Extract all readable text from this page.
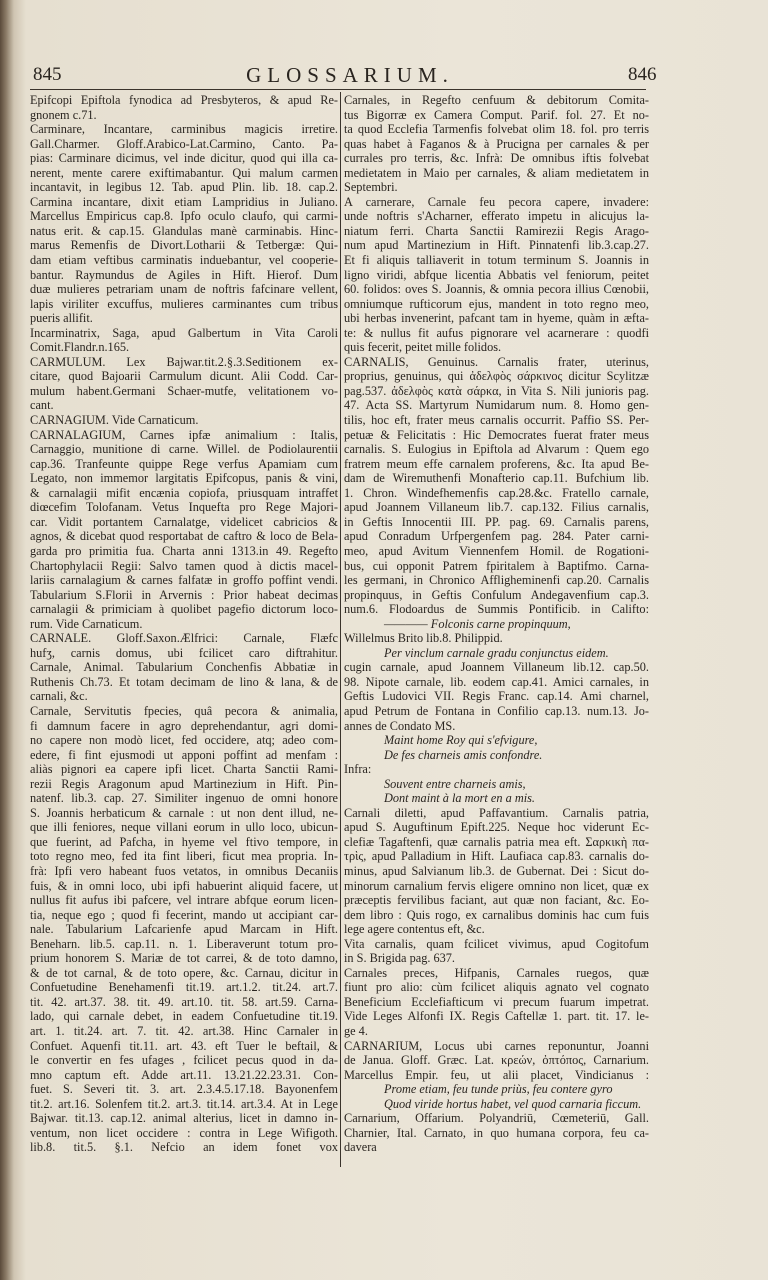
845	GLOSSARIUM.	846
Epifcopi Epiftola fynodica ad Presbyteros, & apud Re-
gnonem c.71.
Carminare, Incantare, carminibus magicis irretire.
Gall.Charmer. Gloff.Arabico-Lat.Carmino, Canto. Pa-
pias: Carminare dicimus, vel inde dicitur, quod qui illa ca-
nerent, mente carere exiftimabantur. Qui malum carmen
incantavit, in legibus 12. Tab. apud Plin. lib. 18. cap.2.
Carmina incantare, dixit etiam Lampridius in Juliano.
Marcellus Empiricus cap.8. Ipfo oculo claufo, qui carmi-
natus erit. & cap.15. Glandulas manè carminabis. Hinc-
marus Remenfis de Divort.Lotharii & Tetbergæ: Qui-
dam etiam veftibus carminatis induebantur, vel cooperie-
bantur. Raymundus de Agiles in Hift. Hierof. Dum
duæ mulieres petrariam unam de noftris fafcinare vellent,
lapis viriliter excuffus, mulieres carminantes cum tribus
pueris allifit.
Incarminatrix, Saga, apud Galbertum in Vita Caroli
Comit.Flandr.n.165.
CARMULUM. Lex Bajwar.tit.2.§.3.Seditionem ex-
citare, quod Bajoarii Carmulum dicunt. Alii Codd. Car-
mulum habent.Germani Schaer-mutfe, velitationem vo-
cant.
CARNAGIUM. Vide Carnaticum.
CARNALAGIUM, Carnes ipfæ animalium : Italis,
Carnaggio, munitione di carne. Willel. de Podiolaurentii
cap.36. Tranfeunte quippe Rege verfus Apamiam cum
Legato, non immemor largitatis Epifcopus, panis & vini,
& carnalagii mifit encænia copiofa, priusquam intraffet
diœcefim Tolofanam. Vetus Inquefta pro Rege Majori-
car. Vidit portantem Carnalatge, videlicet cabricios &
agnos, & dicebat quod resportabat de caftro & loco de Bela-
garda pro primitia fua. Charta anni 1313.in 49. Regefto
Chartophylacii Regii: Salvo tamen quod à dictis macel-
lariis carnalagium & carnes falfatæ in groffo poffint vendi.
Tabularium S.Florii in Arvernis : Prior habeat decimas
carnalagii & primiciam à quolibet pagefio dictorum loco-
rum. Vide Carnaticum.
CARNALE. Gloff.Saxon.Ælfrici: Carnale, Flæfc
hufʒ, carnis domus, ubi fcilicet caro diftrahitur.
Carnale, Animal. Tabularium Conchenfis Abbatiæ in
Ruthenis Ch.73. Et totam decimam de lino & lana, & de
carnali, &c.
Carnale, Servitutis fpecies, quâ pecora & animalia,
fi damnum facere in agro deprehendantur, agri domi-
no capere non modò licet, fed occidere, atq; adeo com-
edere, fi fint ejusmodi ut apponi poffint ad menfam :
aliàs pignori ea capere ipfi licet. Charta Sanctii Rami-
rezii Regis Aragonum apud Martinezium in Hift. Pin-
natenf. lib.3. cap. 27. Similiter ingenuo de omni honore
S. Joannis herbaticum & carnale : ut non dent illud, ne-
que illi feniores, neque villani eorum in ullo loco, ubicun-
que fuerint, ad Pafcha, in hyeme vel ftivo tempore, in
toto regno meo, fed ita fint liberi, ficut mea propria. In-
frà: Ipfi vero habeant fuos vetatos, in omnibus Decaniis
fuis, & in omni loco, ubi ipfi habuerint aliquid facere, ut
nullus fit aufus ibi pafcere, vel intrare abfque eorum licen-
tia, neque ego ; quod fi fecerint, mando ut accipiant car-
nale. Tabularium Lafcarienfe apud Marcam in Hift.
Beneharn. lib.5. cap.11. n. 1. Liberaverunt totum pro-
prium honorem S. Mariæ de tot carrei, & de toto damno,
& de tot carnal, & de toto opere, &c. Carnau, dicitur in
Confuetudine Benehamenfi tit.19. art.1.2. tit.24. art.7.
tit. 42. art.37. 38. tit. 49. art.10. tit. 58. art.59. Carna-
lado, qui carnale debet, in eadem Confuetudine tit.19.
art. 1. tit.24. art. 7. tit. 42. art.38. Hinc Carnaler in
Confuet. Aquenfi tit.11. art. 43. eft Tuer le beftail, &
le convertir en fes ufages , fcilicet pecus quod in da-
mno captum eft. Adde art.11. 13.21.22.23.31. Con-
fuet. S. Severi tit. 3. art. 2.3.4.5.17.18. Bayonenfem
tit.2. art.16. Solenfem tit.2. art.3. tit.14. art.3.4. At in Lege
Bajwar. tit.13. cap.12. animal alterius, licet in damno in-
ventum, non licet occidere : contra in Lege Wifigoth.
lib.8. tit.5. §.1. Nefcio an idem fonet vox
Carnales, in Regefto cenfuum & debitorum Comita-
tus Bigorræ ex Camera Comput. Parif. fol. 27. Et no-
ta quod Ecclefia Tarmenfis folvebat olim 18. fol. pro terris
quas habet à Faganos & à Prucigna per carnales & per
currales pro terris, &c. Infrà: De omnibus iftis folvebat
medietatem in Maio per carnales, & aliam medietatem in
Septembri.
A carnerare, Carnale feu pecora capere, invadere:
unde noftris s'Acharner, efferato impetu in alicujus la-
niatum ferri. Charta Sanctii Ramirezii Regis Arago-
num apud Martinezium in Hift. Pinnatenfi lib.3.cap.27.
Et fi aliquis talliaverit in totum terminum S. Joannis in
ligno viridi, abfque licentia Abbatis vel feniorum, peitet
60. folidos: oves S. Joannis, & omnia pecora illius Cœnobii,
omniumque rufticorum ejus, mandent in toto regno meo,
ubi herbas invenerint, pafcant tam in hyeme, quàm in æfta-
te: & nullus fit aufus pignorare vel acarnerare : quodfi
quis fecerit, peitet mille folidos.
CARNALIS, Genuinus. Carnalis frater, uterinus,
proprius, genuinus, qui ἀδελφὸς σάρκινος dicitur Scylitzæ
pag.537. ἀδελφὸς κατὰ σάρκα, in Vita S. Nili junioris pag.
47. Acta SS. Martyrum Numidarum num. 8. Homo gen-
tilis, hoc eft, frater meus carnalis occurrit. Paffio SS. Per-
petuæ & Felicitatis : Hic Democrates fuerat frater meus
carnalis. S. Eulogius in Epiftola ad Alvarum : Quem ego
fratrem meum effe carnalem proferens, &c. Ita apud Be-
dam de Wiremuthenfi Monafterio cap.11. Bufchium lib.
1. Chron. Windefhemenfis cap.28.&c. Fratello carnale,
apud Joannem Villaneum lib.7. cap.132. Filius carnalis,
in Geftis Innocentii III. PP. pag. 69. Carnalis parens,
apud Conradum Urfpergenfem pag. 284. Pater carni-
meo, apud Avitum Viennenfem Homil. de Rogationi-
bus, cui opponit Patrem fpiritalem à Baptifmo. Carna-
les germani, in Chronico Affligheminenfi cap.20. Carnalis
propinquus, in Geftis Confulum Andegavenfium cap.3.
num.6. Flodoardus de Summis Pontificib. in Califto:
———— Folconis carne propinquum,
Willelmus Brito lib.8. Philippid.
Per vinclum carnale gradu conjunctus eidem.
cugin carnale, apud Joannem Villaneum lib.12. cap.50.
98. Nipote carnale, lib. eodem cap.41. Amici carnales, in
Geftis Ludovici VII. Regis Franc. cap.14. Ami charnel,
apud Petrum de Fontana in Confilio cap.13. num.13. Jo-
annes de Condato MS.
Maint home Roy qui s'efvigure,
De fes charneis amis confondre.
Infra:
Souvent entre charneis amis,
Dont maint à la mort en a mis.
Carnali diletti, apud Paffavantium. Carnalis patria,
apud S. Auguftinum Epift.225. Neque hoc viderunt Ec-
clefiæ Tagaftenfi, quæ carnalis patria mea eft. Σαρκικὴ πα-
τρὶς, apud Palladium in Hift. Laufiaca cap.83. carnalis do-
minus, apud Salvianum lib.3. de Gubernat. Dei : Sicut do-
minorum carnalium fervis eligere omnino non licet, quæ ex
præceptis fervilibus faciant, aut quæ non faciant, &c. Eo-
dem libro : Quis rogo, ex carnalibus dominis hac cum fuis
lege agere contentus eft, &c.
Vita carnalis, quam fcilicet vivimus, apud Cogitofum
in S. Brigida pag. 637.
Carnales preces, Hifpanis, Carnales ruegos, quæ
fiunt pro alio: cùm fcilicet aliquis agnato vel cognato
Beneficium Ecclefiafticum vi precum fuarum impetrat.
Vide Leges Alfonfi IX. Regis Caftellæ 1. part. tit. 17. le-
ge 4.
CARNARIUM, Locus ubi carnes reponuntur, Joanni
de Janua. Gloff. Græc. Lat. κρεών, ὀπτόπος, Carnarium.
Marcellus Empir. feu, ut alii placet, Vindicianus :
Prome etiam, feu tunde priùs, feu contere gyro
Quod viride hortus habet, vel quod carnaria ficcum.
Carnarium, Offarium. Polyandriū, Cœmeteriū, Gall.
Charnier, Ital. Carnato, in quo humana corpora, feu ca-
davera
